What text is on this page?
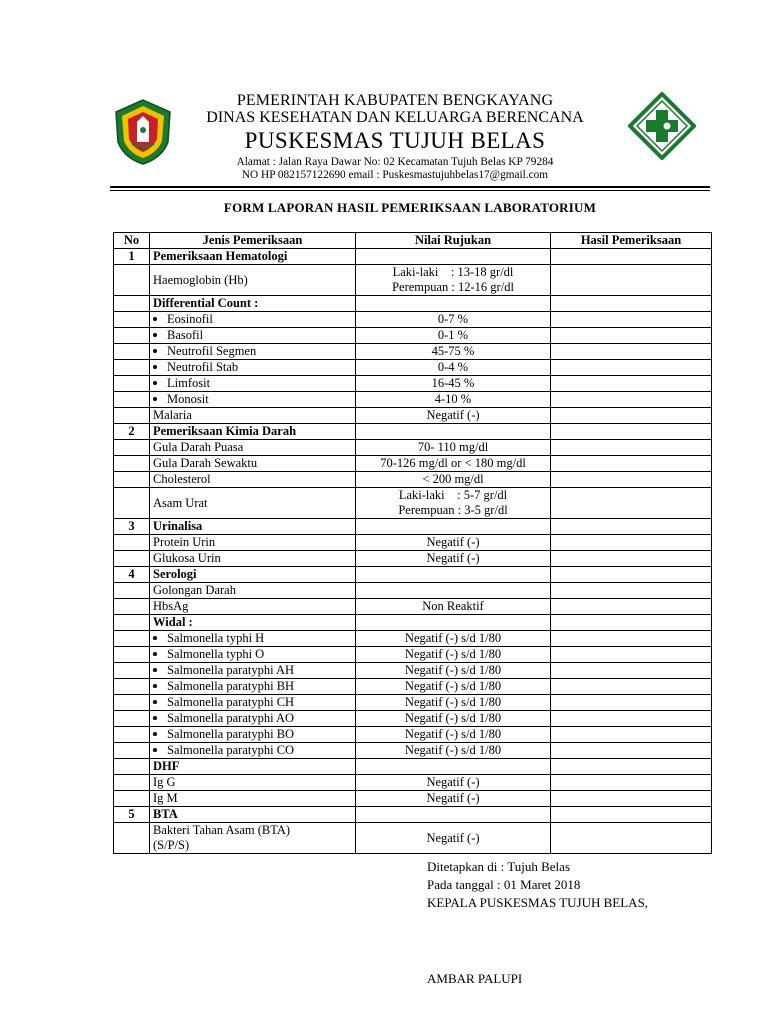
PEMERINTAH KABUPATEN BENGKAYANG
DINAS KESEHATAN DAN KELUARGA BERENCANA
PUSKESMAS TUJUH BELAS
Alamat : Jalan Raya Dawar No: 02 Kecamatan Tujuh Belas KP 79284
NO HP 082157122690 email : Puskesmastujuhbelas17@gmail.com
FORM LAPORAN HASIL PEMERIKSAAN LABORATORIUM
No	Jenis Pemeriksaan	Nilai Rujukan	Hasil Pemeriksaan
1	Pemeriksaan Hematologi		
	Haemoglobin (Hb)	Laki-laki    : 13-18 gr/dl
Perempuan : 12-16 gr/dl	

	Differential Count :		
	Eosinofil	0-7 %	
	Basofil	0-1 %	
	Neutrofil Segmen	45-75 %	
	Neutrofil Stab	0-4 %	
	Limfosit	16-45 %	
	Monosit	4-10 %	
	Malaria	Negatif (-)	
2	Pemeriksaan Kimia Darah		
	Gula Darah Puasa	70- 110 mg/dl	
	Gula Darah Sewaktu	70-126 mg/dl or < 180 mg/dl	
	Cholesterol	< 200 mg/dl	
	Asam Urat	Laki-laki    : 5-7 gr/dl
Perempuan : 3-5 gr/dl	

3	Urinalisa		
	Protein Urin	Negatif (-)	
	Glukosa Urin	Negatif (-)	
4	Serologi		
	Golongan Darah		
	HbsAg	Non Reaktif	
	Widal :		
	Salmonella typhi H	Negatif (-) s/d 1/80	
	Salmonella typhi O	Negatif (-) s/d 1/80	
	Salmonella paratyphi AH	Negatif (-) s/d 1/80	
	Salmonella paratyphi BH	Negatif (-) s/d 1/80	
	Salmonella paratyphi CH	Negatif (-) s/d 1/80	
	Salmonella paratyphi AO	Negatif (-) s/d 1/80	
	Salmonella paratyphi BO	Negatif (-) s/d 1/80	
	Salmonella paratyphi CO	Negatif (-) s/d 1/80	
	DHF		
	Ig G	Negatif (-)	
	Ig M	Negatif (-)	
5	BTA		

	Bakteri Tahan Asam (BTA)
(S/P/S)	Negatif (-)	
Ditetapkan di : Tujuh Belas
Pada tanggal : 01 Maret 2018
KEPALA PUSKESMAS TUJUH BELAS,
AMBAR PALUPI
